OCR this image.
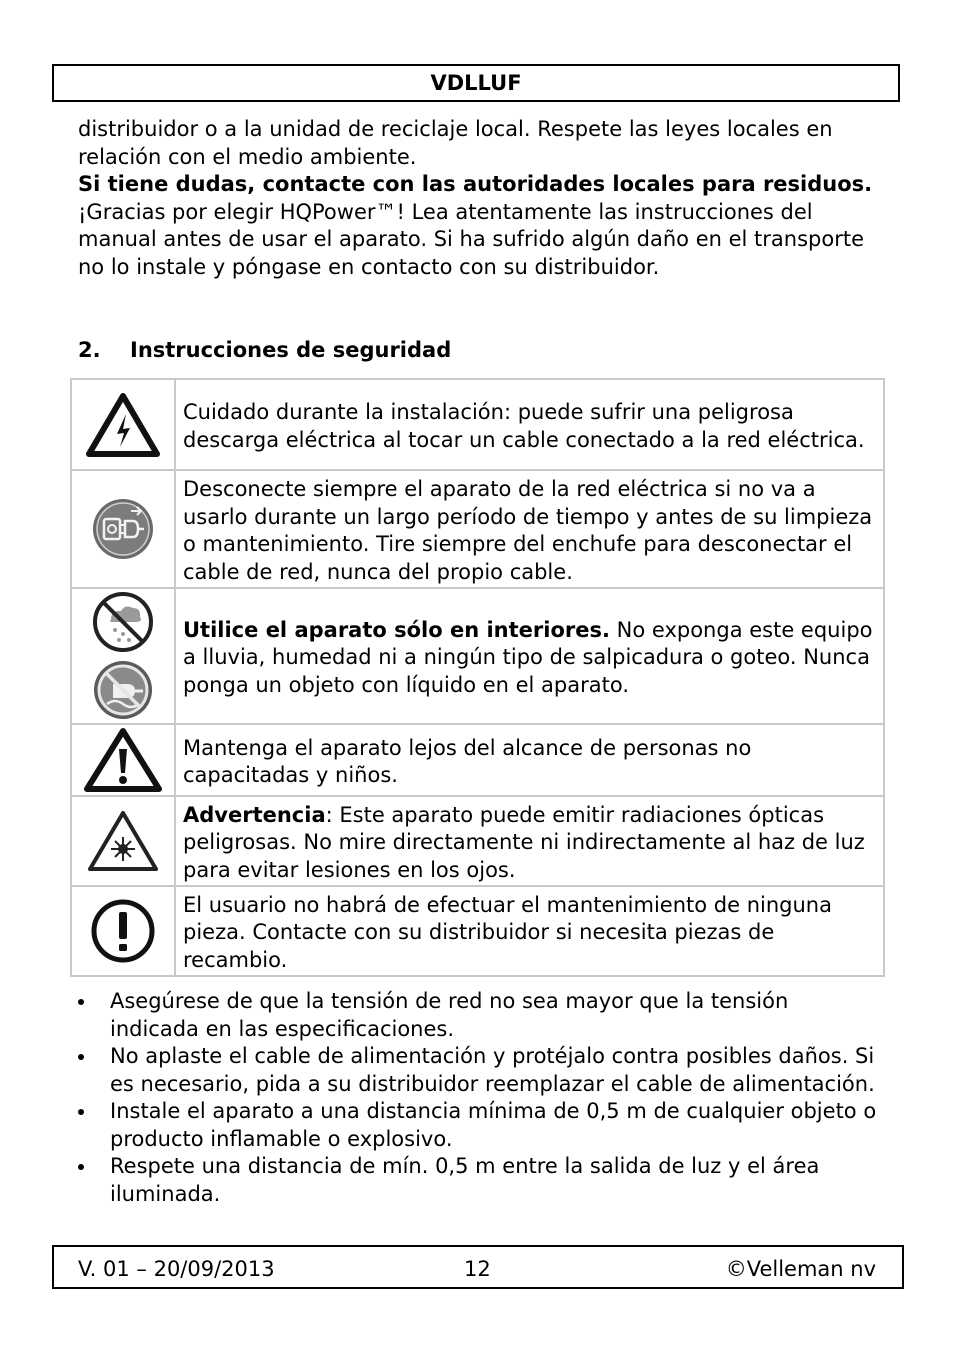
VDLLUF

distribuidor o a la unidad de reciclaje local. Respete las leyes locales en relación con el medio ambiente.

Si tiene dudas, contacte con las autoridades locales para residuos.

¡Gracias por elegir HQPower™! Lea atentamente las instrucciones del manual antes de usar el aparato. Si ha sufrido algún daño en el transporte no lo instale y póngase en contacto con su distribuidor.

2. Instrucciones de seguridad
	Cuidado durante la instalación: puede sufrir una peligrosa descarga eléctrica al tocar un cable conectado a la red eléctrica.

	Desconecte siempre el aparato de la red eléctrica si no va a usarlo durante un largo período de tiempo y antes de su limpieza o mantenimiento. Tire siempre del enchufe para desconectar el cable de red, nunca del propio cable.

	Utilice el aparato sólo en interiores. No exponga este equipo a lluvia, humedad ni a ningún tipo de salpicadura o goteo. Nunca ponga un objeto con líquido en el aparato.

	Mantenga el aparato lejos del alcance de personas no capacitadas y niños.

	Advertencia: Este aparato puede emitir radiaciones ópticas peligrosas. No mire directamente ni indirectamente al haz de luz para evitar lesiones en los ojos.

	El usuario no habrá de efectuar el mantenimiento de ninguna pieza. Contacte con su distribuidor si necesita piezas de recambio.
Asegúrese de que la tensión de red no sea mayor que la tensión indicada en las especificaciones.
No aplaste el cable de alimentación y protéjalo contra posibles daños. Si es necesario, pida a su distribuidor reemplazar el cable de alimentación.
Instale el aparato a una distancia mínima de 0,5 m de cualquier objeto o producto inflamable o explosivo.
Respete una distancia de mín. 0,5 m entre la salida de luz y el área iluminada.
V. 01 – 20/09/2013	12	©Velleman nv
